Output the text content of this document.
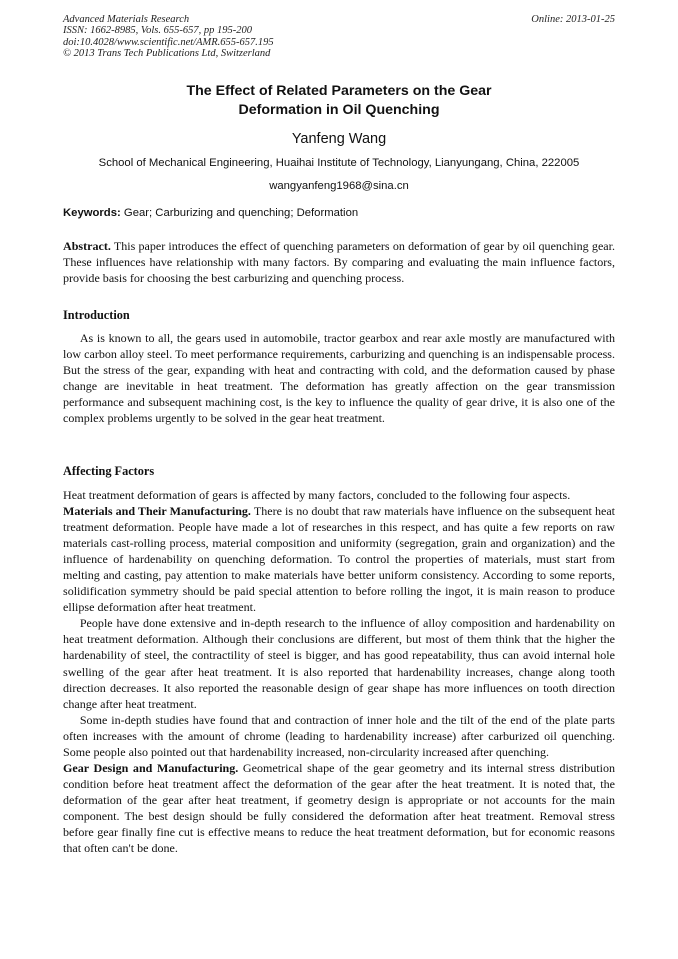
Advanced Materials Research
ISSN: 1662-8985, Vols. 655-657, pp 195-200
doi:10.4028/www.scientific.net/AMR.655-657.195
© 2013 Trans Tech Publications Ltd, Switzerland
Online: 2013-01-25
The Effect of Related Parameters on the Gear
Deformation in Oil Quenching
Yanfeng Wang
School of Mechanical Engineering, Huaihai Institute of Technology, Lianyungang, China, 222005
wangyanfeng1968@sina.cn
Keywords: Gear; Carburizing and quenching; Deformation

Abstract. This paper introduces the effect of quenching parameters on deformation of gear by oil quenching gear. These influences have relationship with many factors. By comparing and evaluating the main influence factors, provide basis for choosing the best carburizing and quenching process.

Introduction

As is known to all, the gears used in automobile, tractor gearbox and rear axle mostly are manufactured with low carbon alloy steel. To meet performance requirements, carburizing and quenching is an indispensable process. But the stress of the gear, expanding with heat and contracting with cold, and the deformation caused by phase change are inevitable in heat treatment. The deformation has greatly affection on the gear transmission performance and subsequent machining cost, is the key to influence the quality of gear drive, it is also one of the complex problems urgently to be solved in the gear heat treatment.

Affecting Factors

Heat treatment deformation of gears is affected by many factors, concluded to the following four aspects.

Materials and Their Manufacturing. There is no doubt that raw materials have influence on the subsequent heat treatment deformation. People have made a lot of researches in this respect, and has quite a few reports on raw materials cast-rolling process, material composition and uniformity (segregation, grain and organization) and the influence of hardenability on quenching deformation. To control the properties of materials, must start from melting and casting, pay attention to make materials have better uniform consistency. According to some reports, solidification symmetry should be paid special attention to before rolling the ingot, it is main reason to produce ellipse deformation after heat treatment.

People have done extensive and in-depth research to the influence of alloy composition and hardenability on heat treatment deformation. Although their conclusions are different, but most of them think that the higher the hardenability of steel, the contractility of steel is bigger, and has good repeatability, thus can avoid internal hole swelling of the gear after heat treatment. It is also reported that hardenability increases, change along tooth direction decreases. It also reported the reasonable design of gear shape has more influences on tooth direction change after heat treatment.

Some in-depth studies have found that and contraction of inner hole and the tilt of the end of the plate parts often increases with the amount of chrome (leading to hardenability increase) after carburized oil quenching. Some people also pointed out that hardenability increased, non-circularity increased after quenching.

Gear Design and Manufacturing. Geometrical shape of the gear geometry and its internal stress distribution condition before heat treatment affect the deformation of the gear after the heat treatment. It is noted that, the deformation of the gear after heat treatment, if geometry design is appropriate or not accounts for the main component. The best design should be fully considered the deformation after heat treatment. Removal stress before gear finally fine cut is effective means to reduce the heat treatment deformation, but for economic reasons that often can't be done.
